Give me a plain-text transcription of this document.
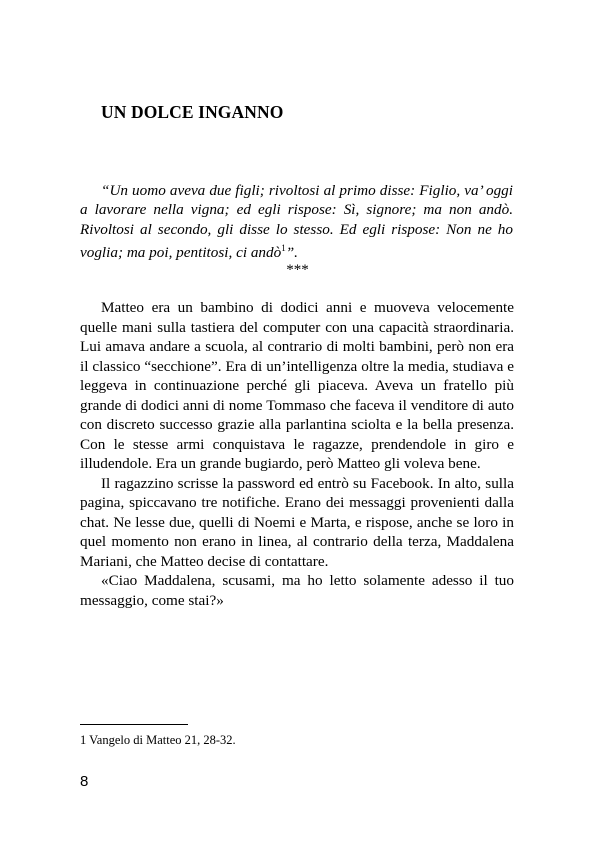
UN DOLCE INGANNO

“Un uomo aveva due figli; rivoltosi al primo disse: Figlio, va’ oggi a lavorare nella vigna; ed egli rispose: Sì, signore; ma non andò. Rivoltosi al secondo, gli disse lo stesso. Ed egli rispose: Non ne ho voglia; ma poi, pentitosi, ci andò$^1$”.

***

Matteo era un bambino di dodici anni e muoveva velocemente quelle mani sulla tastiera del computer con una capacità straordinaria. Lui amava andare a scuola, al contrario di molti bambini, però non era il classico “secchione”. Era di un’intelligenza oltre la media, studiava e leggeva in continuazione perché gli piaceva. Aveva un fratello più grande di dodici anni di nome Tommaso che faceva il venditore di auto con discreto successo grazie alla parlantina sciolta e la bella presenza. Con le stesse armi conquistava le ragazze, prendendole in giro e illudendole. Era un grande bugiardo, però Matteo gli voleva bene.

Il ragazzino scrisse la password ed entrò su Facebook. In alto, sulla pagina, spiccavano tre notifiche. Erano dei messaggi provenienti dalla chat. Ne lesse due, quelli di Noemi e Marta, e rispose, anche se loro in quel momento non erano in linea, al contrario della terza, Maddalena Mariani, che Matteo decise di contattare.

«Ciao Maddalena, scusami, ma ho letto solamente adesso il tuo messaggio, come stai?»

1 Vangelo di Matteo 21, 28-32.
8
